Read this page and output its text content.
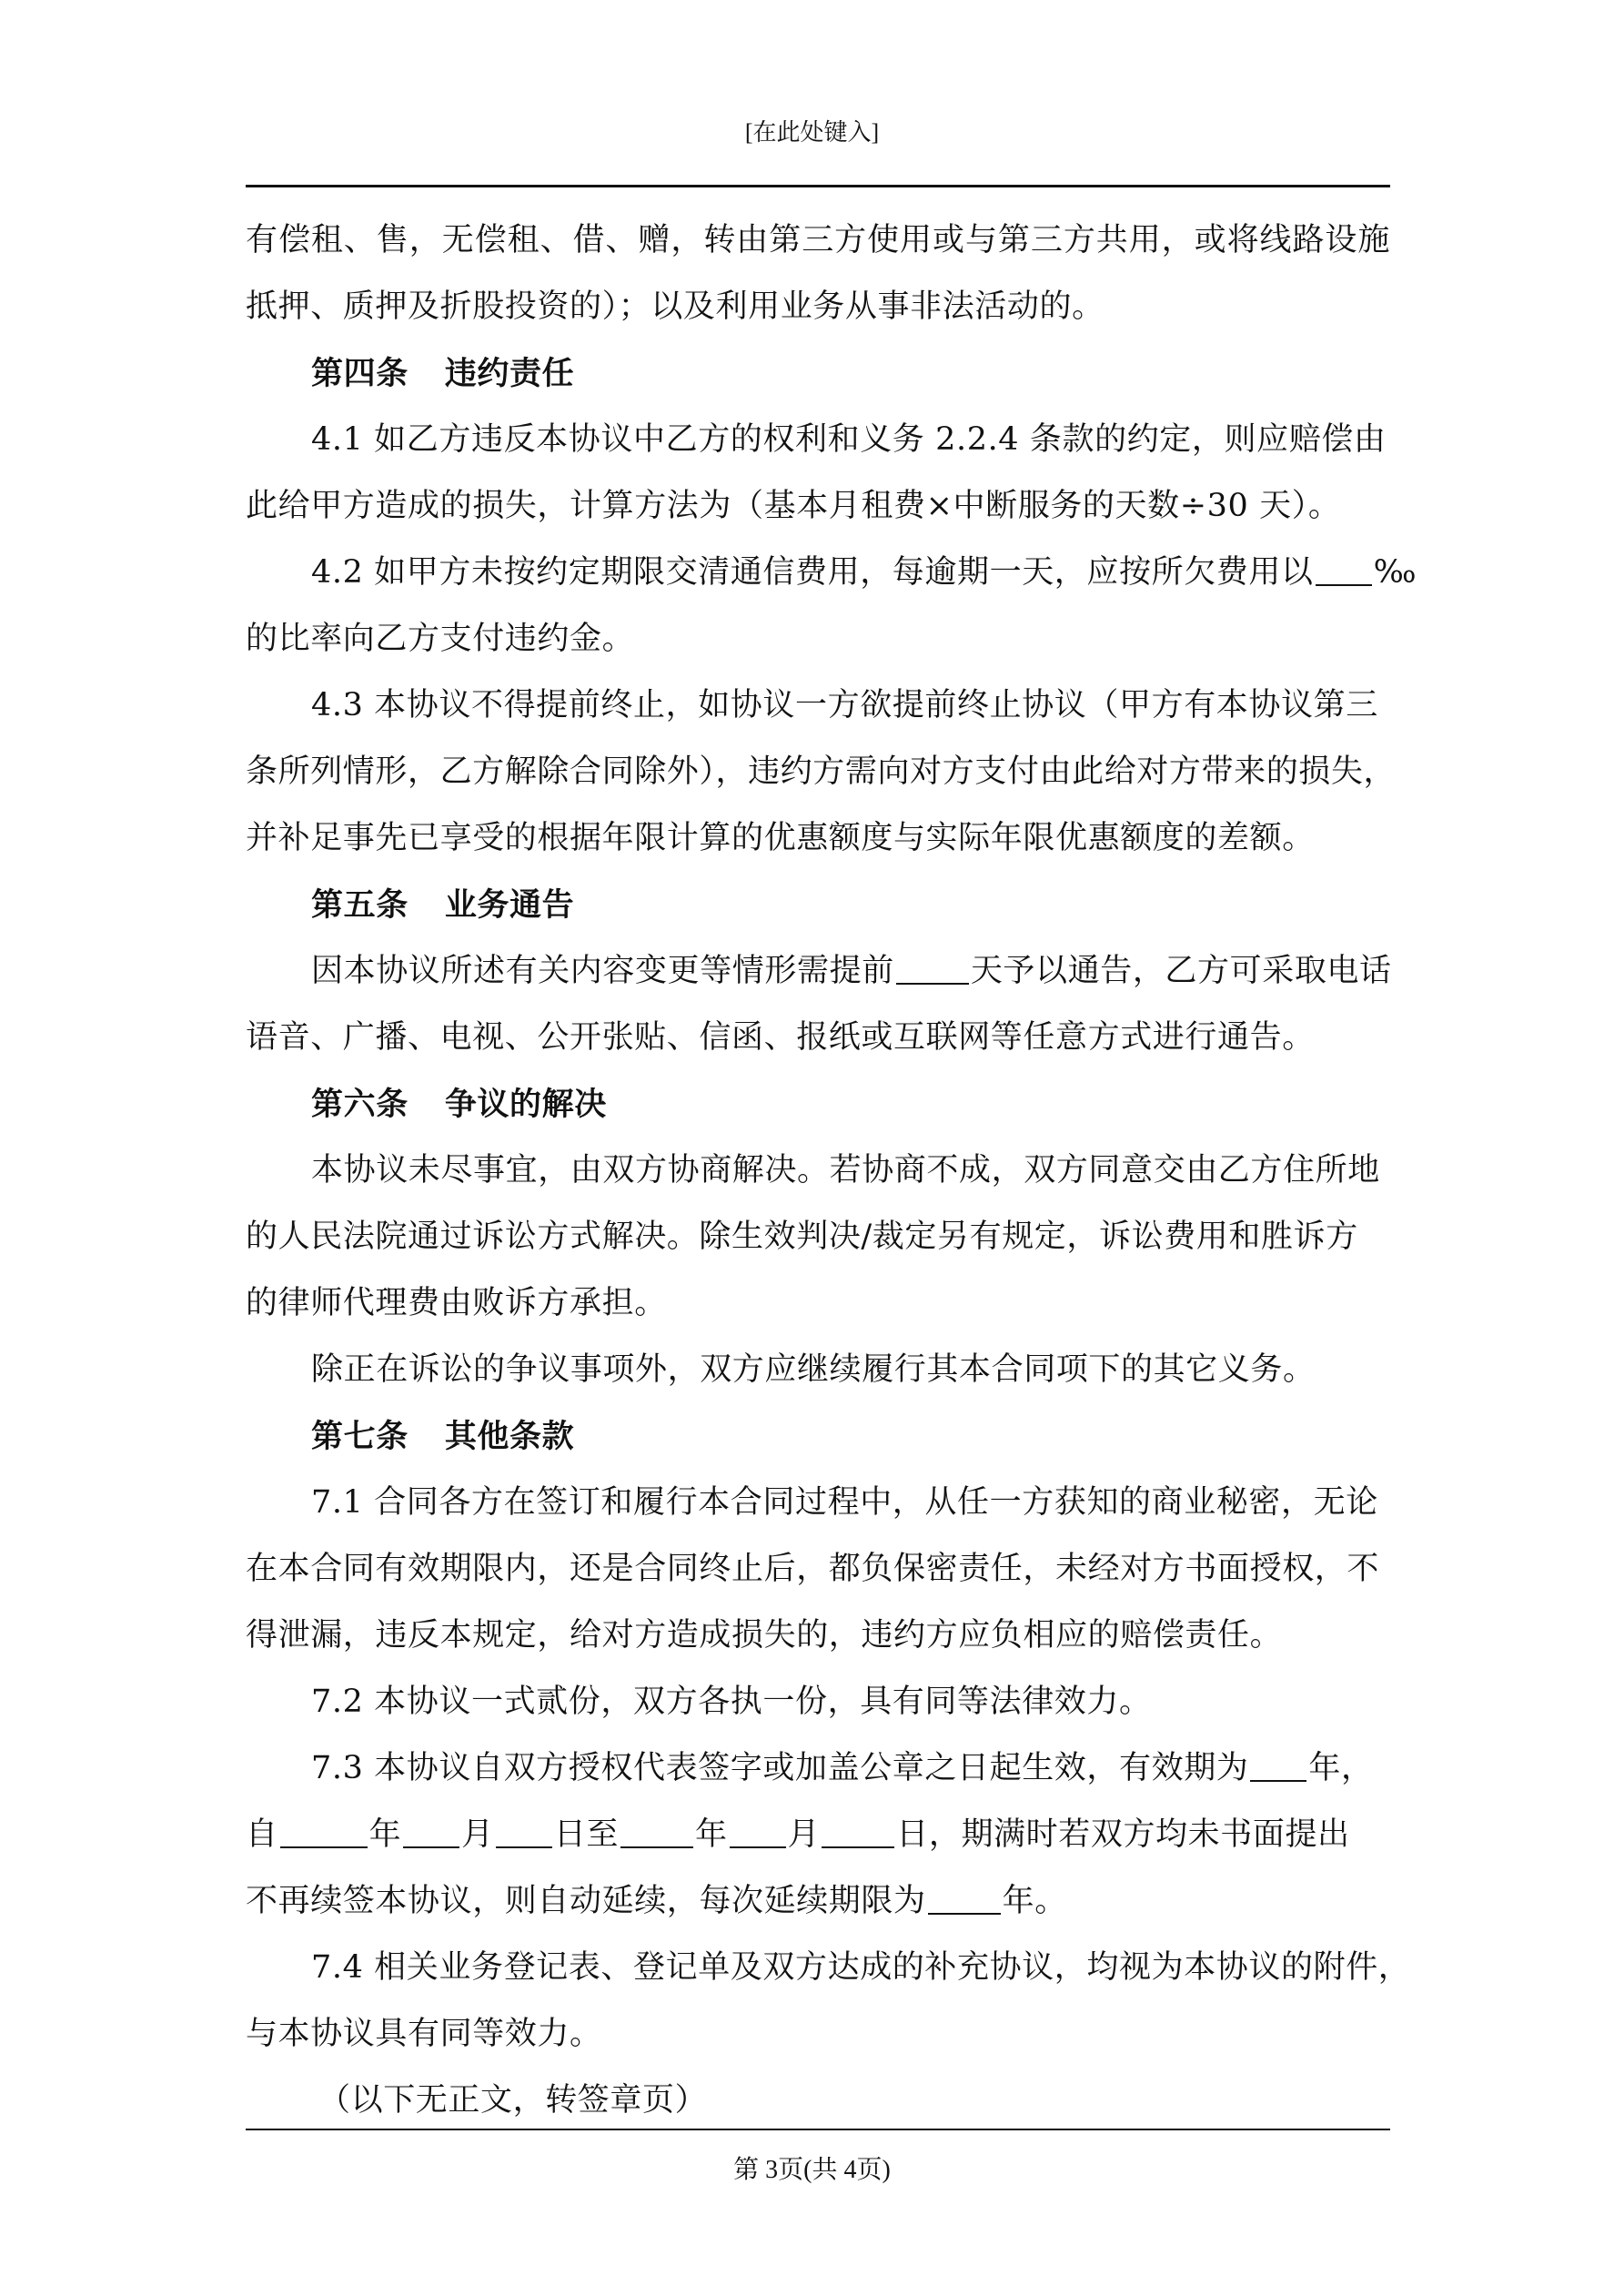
[在此处键入]
有偿租、售，无偿租、借、赠，转由第三方使用或与第三方共用，或将线路设施
抵押、质押及折股投资的）；以及利用业务从事非法活动的。
第四条 违约责任
4.1 如乙方违反本协议中乙方的权利和义务 2.2.4 条款的约定，则应赔偿由
此给甲方造成的损失，计算方法为（基本月租费×中断服务的天数÷30 天）。
4.2 如甲方未按约定期限交清通信费用，每逾期一天，应按所欠费用以 ‰
的比率向乙方支付违约金。
4.3 本协议不得提前终止，如协议一方欲提前终止协议（甲方有本协议第三
条所列情形，乙方解除合同除外），违约方需向对方支付由此给对方带来的损失，
并补足事先已享受的根据年限计算的优惠额度与实际年限优惠额度的差额。
第五条 业务通告
因本协议所述有关内容变更等情形需提前 天予以通告，乙方可采取电话
语音、广播、电视、公开张贴、信函、报纸或互联网等任意方式进行通告。
第六条 争议的解决
本协议未尽事宜，由双方协商解决。若协商不成，双方同意交由乙方住所地
的人民法院通过诉讼方式解决。除生效判决/裁定另有规定，诉讼费用和胜诉方
的律师代理费由败诉方承担。
除正在诉讼的争议事项外，双方应继续履行其本合同项下的其它义务。
第七条 其他条款
7.1 合同各方在签订和履行本合同过程中，从任一方获知的商业秘密，无论
在本合同有效期限内，还是合同终止后，都负保密责任，未经对方书面授权，不
得泄漏，违反本规定，给对方造成损失的，违约方应负相应的赔偿责任。
7.2 本协议一式贰份，双方各执一份，具有同等法律效力。
7.3 本协议自双方授权代表签字或加盖公章之日起生效，有效期为 年，
自	年 月 日至 年 月 日，期满时若双方均未书面提出
不再续签本协议，则自动延续，每次延续期限为 年。
7.4 相关业务登记表、登记单及双方达成的补充协议，均视为本协议的附件，
与本协议具有同等效力。
（以下无正文，转签章页）
第 3页(共 4页)
